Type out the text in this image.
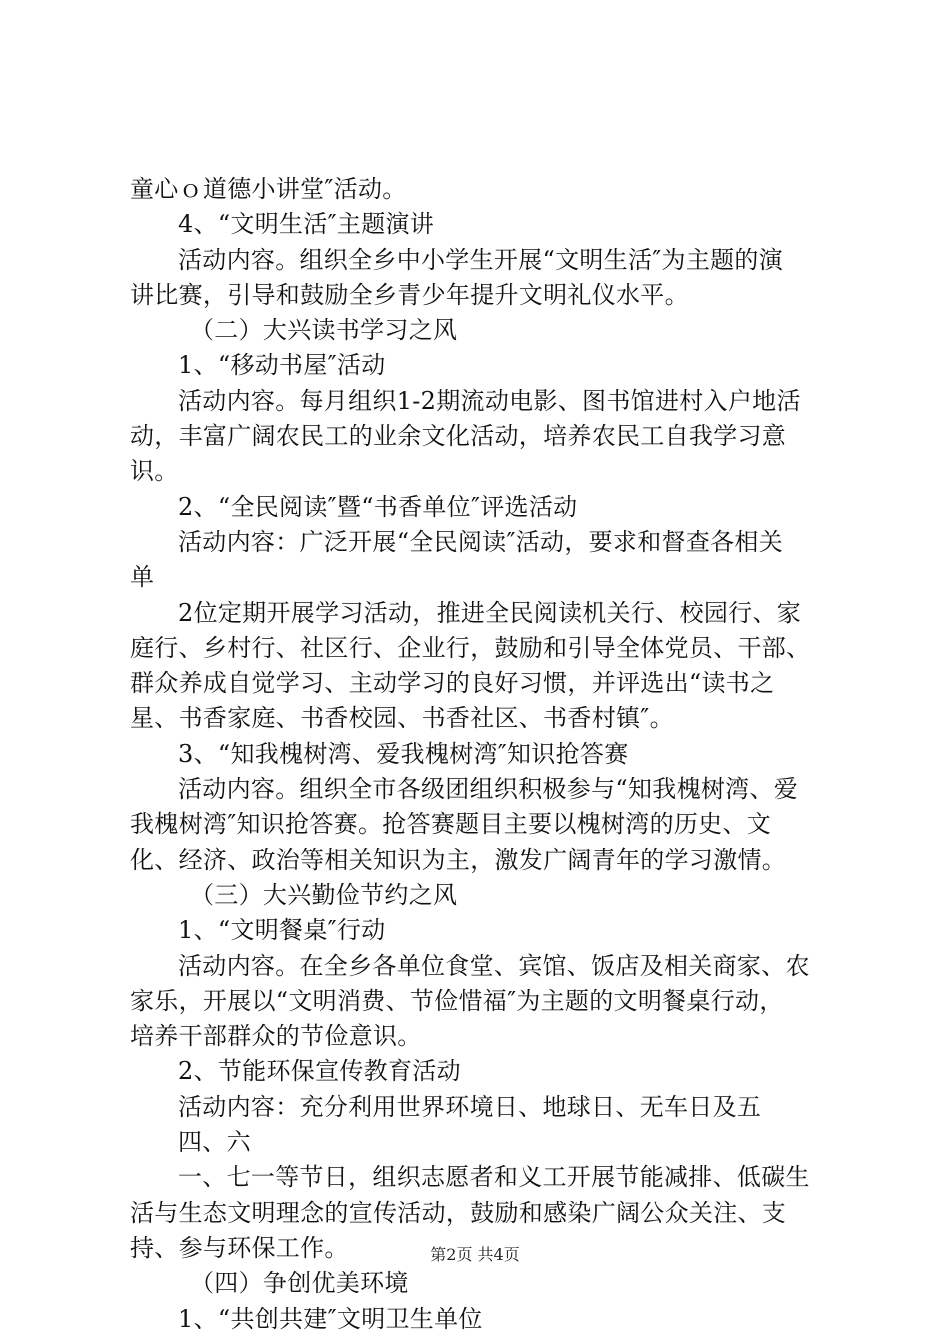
童心ｏ道德小讲堂″活动。
4、“文明生活″主题演讲
活动内容。组织全乡中小学生开展“文明生活″为主题的演
讲比赛，引导和鼓励全乡青少年提升文明礼仪水平。
（二）大兴读书学习之风
1、“移动书屋″活动
活动内容。每月组织1-2期流动电影、图书馆进村入户地活
动，丰富广阔农民工的业余文化活动，培养农民工自我学习意
识。
2、“全民阅读″暨“书香单位″评选活动
活动内容：广泛开展“全民阅读″活动，要求和督查各相关
单
2位定期开展学习活动，推进全民阅读机关行、校园行、家
庭行、乡村行、社区行、企业行，鼓励和引导全体党员、干部、
群众养成自觉学习、主动学习的良好习惯，并评选出“读书之
星、书香家庭、书香校园、书香社区、书香村镇″。
3、“知我槐树湾、爱我槐树湾″知识抢答赛
活动内容。组织全市各级团组织积极参与“知我槐树湾、爱
我槐树湾″知识抢答赛。抢答赛题目主要以槐树湾的历史、文
化、经济、政治等相关知识为主，激发广阔青年的学习激情。
（三）大兴勤俭节约之风
1、“文明餐桌″行动
活动内容。在全乡各单位食堂、宾馆、饭店及相关商家、农
家乐，开展以“文明消费、节俭惜福″为主题的文明餐桌行动，
培养干部群众的节俭意识。
2、节能环保宣传教育活动
活动内容：充分利用世界环境日、地球日、无车日及五
四、六
一、七一等节日，组织志愿者和义工开展节能减排、低碳生
活与生态文明理念的宣传活动，鼓励和感染广阔公众关注、支
持、参与环保工作。
（四）争创优美环境
1、“共创共建″文明卫生单位
第2页 共4页
